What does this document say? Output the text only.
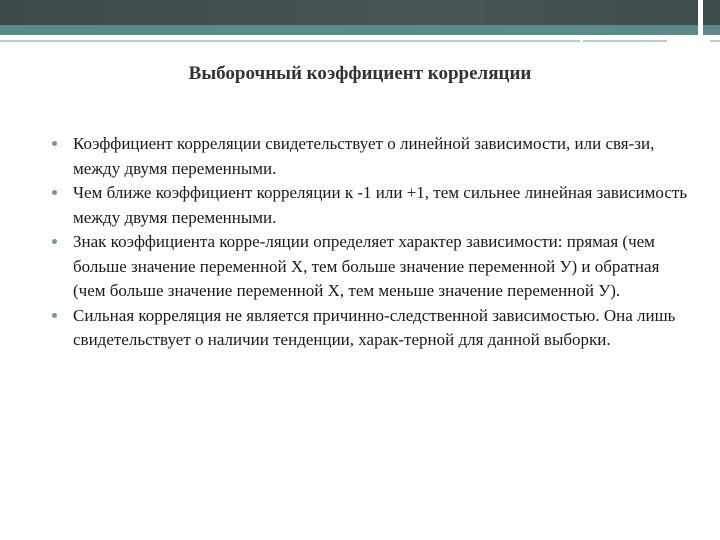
Выборочный коэффициент корреляции
Коэффициент корреляции свидетельствует о линейной зависимости, или свя-зи, между двумя переменными.
Чем ближе коэффициент корреляции к -1 или +1, тем сильнее линейная зависимость между двумя переменными.
Знак коэффициента корре-ляции определяет характер зависимости: прямая (чем больше значение переменной X, тем больше значение переменной У) и обратная (чем больше значение переменной X, тем меньше значение переменной У).
Сильная корреляция не является причинно-следственной зависимостью. Она лишь свидетельствует о наличии тенденции, харак-терной для данной выборки.
